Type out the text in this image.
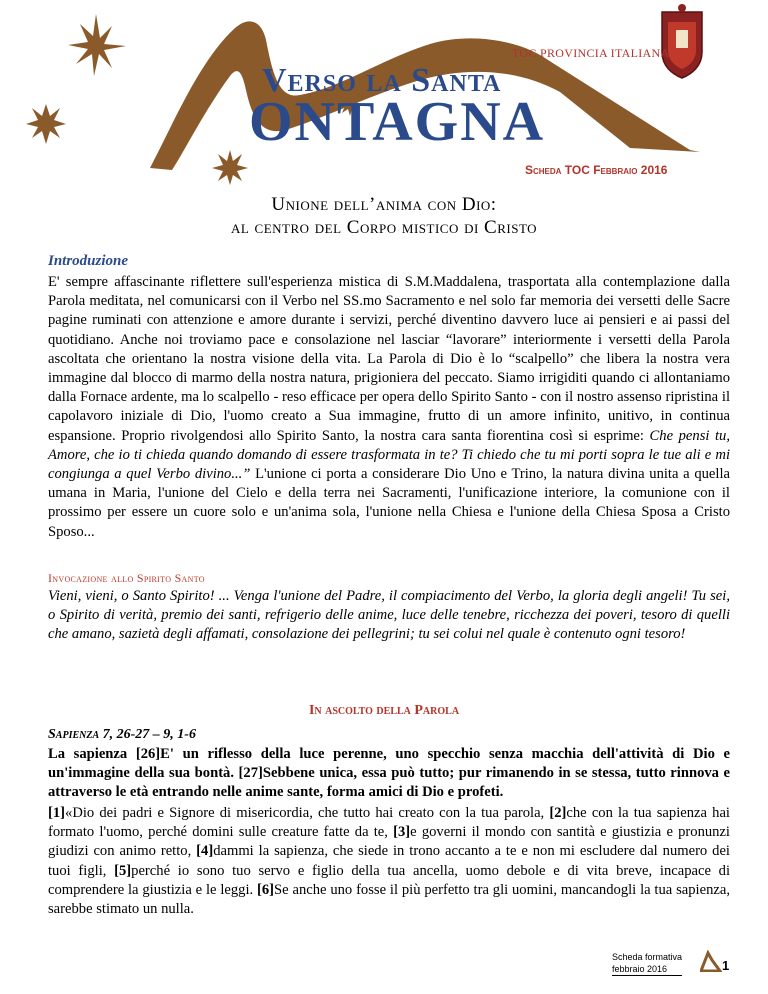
TOC PROVINCIA ITALIANA
Verso la Santa
ONTAGNA
Scheda TOC Febbraio 2016
Unione dell’anima con Dio:
al centro del Corpo mistico di Cristo
Introduzione
E' sempre affascinante riflettere sull'esperienza mistica di S.M.Maddalena, trasportata alla contemplazione dalla Parola meditata, nel comunicarsi con il Verbo nel SS.mo Sacramento e nel solo far memoria dei versetti delle Sacre pagine ruminati con attenzione e amore durante i servizi, perché diventino davvero luce ai pensieri e ai passi del quotidiano. Anche noi troviamo pace e consolazione nel lasciar “lavorare” interiormente i versetti della Parola ascoltata che orientano la nostra visione della vita. La Parola di Dio è lo “scalpello” che libera la nostra vera immagine dal blocco di marmo della nostra natura, prigioniera del peccato. Siamo irrigiditi quando ci allontaniamo dalla Fornace ardente, ma lo scalpello - reso efficace per opera dello Spirito Santo - con il nostro assenso ripristina il capolavoro iniziale di Dio, l'uomo creato a Sua immagine, frutto di un amore infinito, unitivo, in continua espansione. Proprio rivolgendosi allo Spirito Santo, la nostra cara santa fiorentina così si esprime: Che pensi tu, Amore, che io ti chieda quando domando di essere trasformata in te? Ti chiedo che tu mi porti sopra le tue ali e mi congiunga a quel Verbo divino...” L'unione ci porta a considerare Dio Uno e Trino, la natura divina unita a quella umana in Maria, l'unione del Cielo e della terra nei Sacramenti, l'unificazione interiore, la comunione con il prossimo per essere un cuore solo e un'anima sola, l'unione nella Chiesa e l'unione della Chiesa Sposa a Cristo Sposo...
Invocazione allo Spirito Santo
Vieni, vieni, o Santo Spirito! ... Venga l'unione del Padre, il compiacimento del Verbo, la gloria degli angeli! Tu sei, o Spirito di verità, premio dei santi, refrigerio delle anime, luce delle tenebre, ricchezza dei poveri, tesoro di quelli che amano, sazietà degli affamati, consolazione dei pellegrini; tu sei colui nel quale è contenuto ogni tesoro!
In ascolto della Parola
Sapienza 7, 26-27 – 9, 1-6
La sapienza [26]E' un riflesso della luce perenne, uno specchio senza macchia dell'attività di Dio e un'immagine della sua bontà. [27]Sebbene unica, essa può tutto; pur rimanendo in se stessa, tutto rinnova e attraverso le età entrando nelle anime sante, forma amici di Dio e profeti.
[1]«Dio dei padri e Signore di misericordia, che tutto hai creato con la tua parola, [2]che con la tua sapienza hai formato l'uomo, perché domini sulle creature fatte da te, [3]e governi il mondo con santità e giustizia e pronunzi giudizi con animo retto, [4]dammi la sapienza, che siede in trono accanto a te e non mi escludere dal numero dei tuoi figli, [5]perché io sono tuo servo e figlio della tua ancella, uomo debole e di vita breve, incapace di comprendere la giustizia e le leggi. [6]Se anche uno fosse il più perfetto tra gli uomini, mancandogli la tua sapienza, sarebbe stimato un nulla.
Scheda formativa
febbraio 2016	1
